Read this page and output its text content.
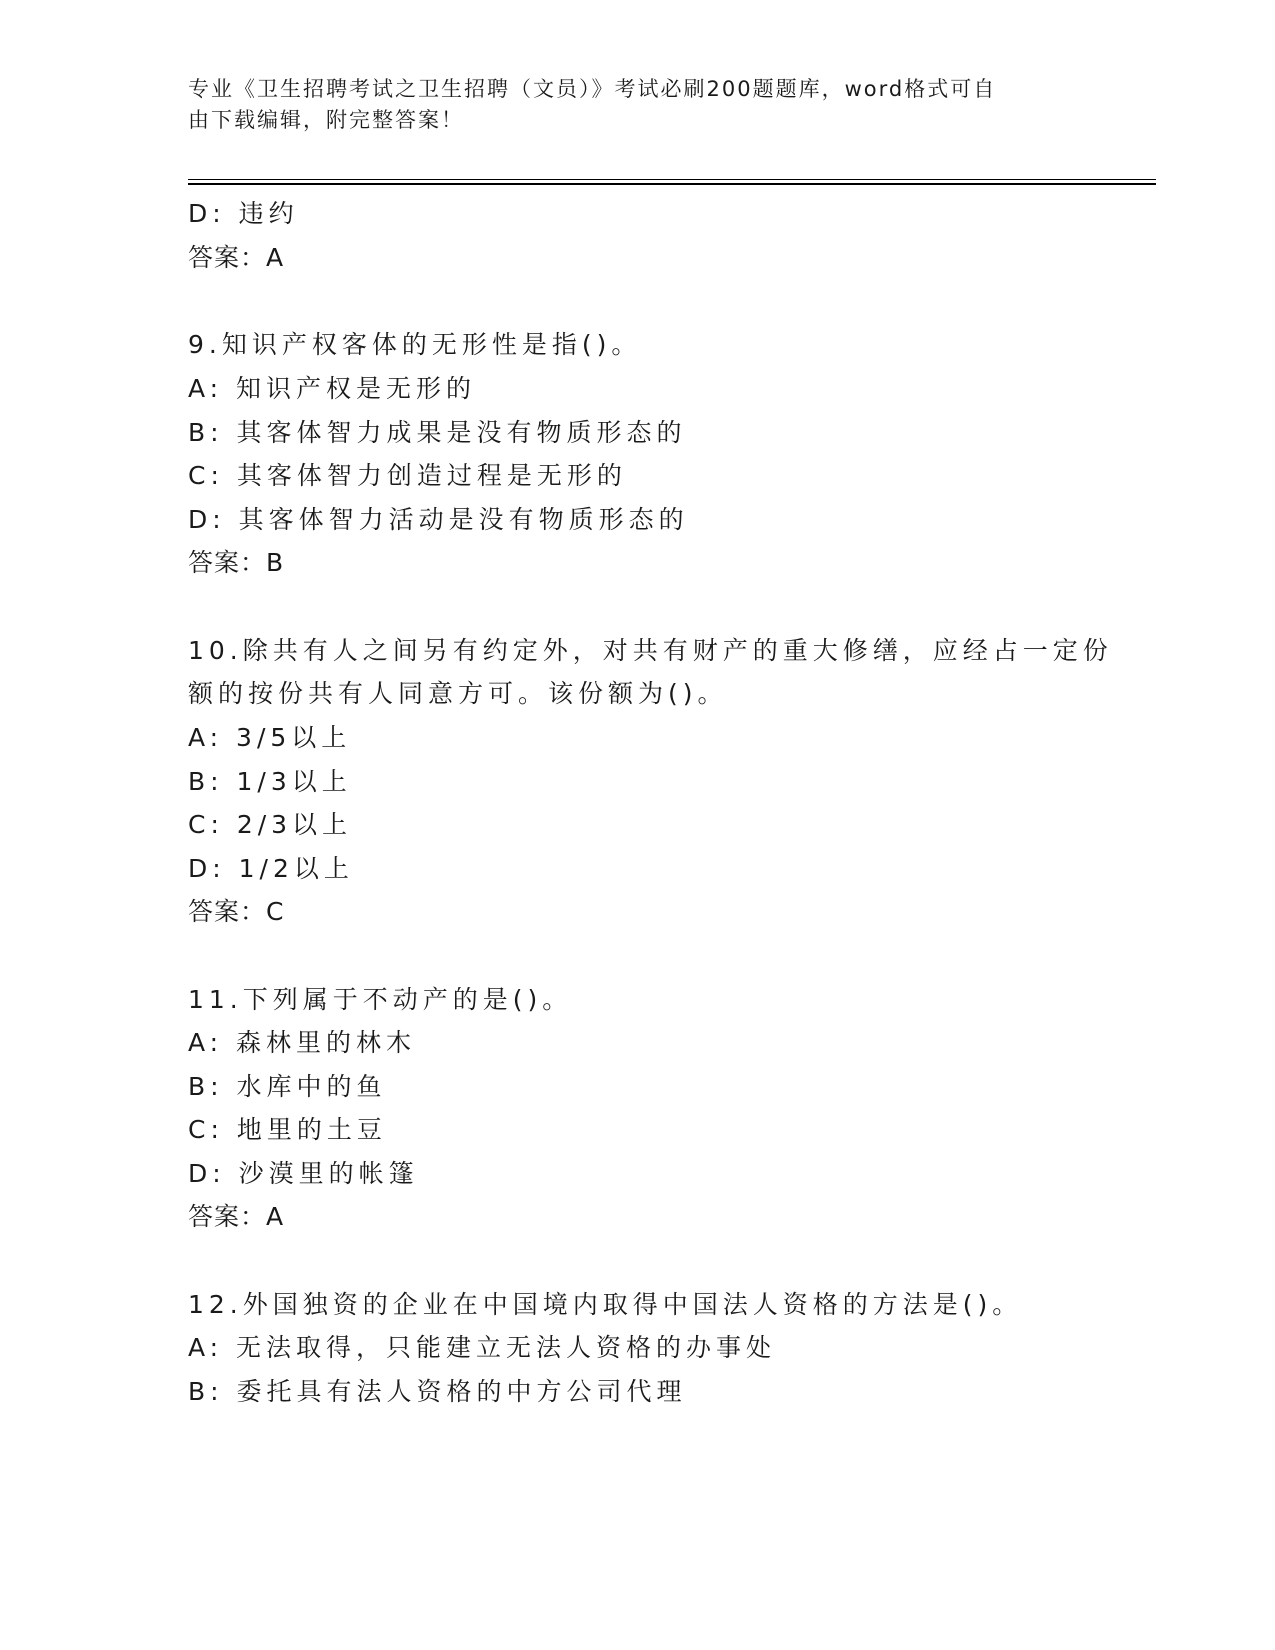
专业《卫生招聘考试之卫生招聘（文员）》考试必刷200题题库，word格式可自
由下载编辑，附完整答案！
D: 违约
答案：A
9.知识产权客体的无形性是指()。
A: 知识产权是无形的
B: 其客体智力成果是没有物质形态的
C: 其客体智力创造过程是无形的
D: 其客体智力活动是没有物质形态的
答案：B
10.除共有人之间另有约定外，对共有财产的重大修缮，应经占一定份
额的按份共有人同意方可。该份额为()。
A: 3/5以上
B: 1/3以上
C: 2/3以上
D: 1/2以上
答案：C
11.下列属于不动产的是()。
A: 森林里的林木
B: 水库中的鱼
C: 地里的土豆
D: 沙漠里的帐篷
答案：A
12.外国独资的企业在中国境内取得中国法人资格的方法是()。
A: 无法取得，只能建立无法人资格的办事处
B: 委托具有法人资格的中方公司代理
